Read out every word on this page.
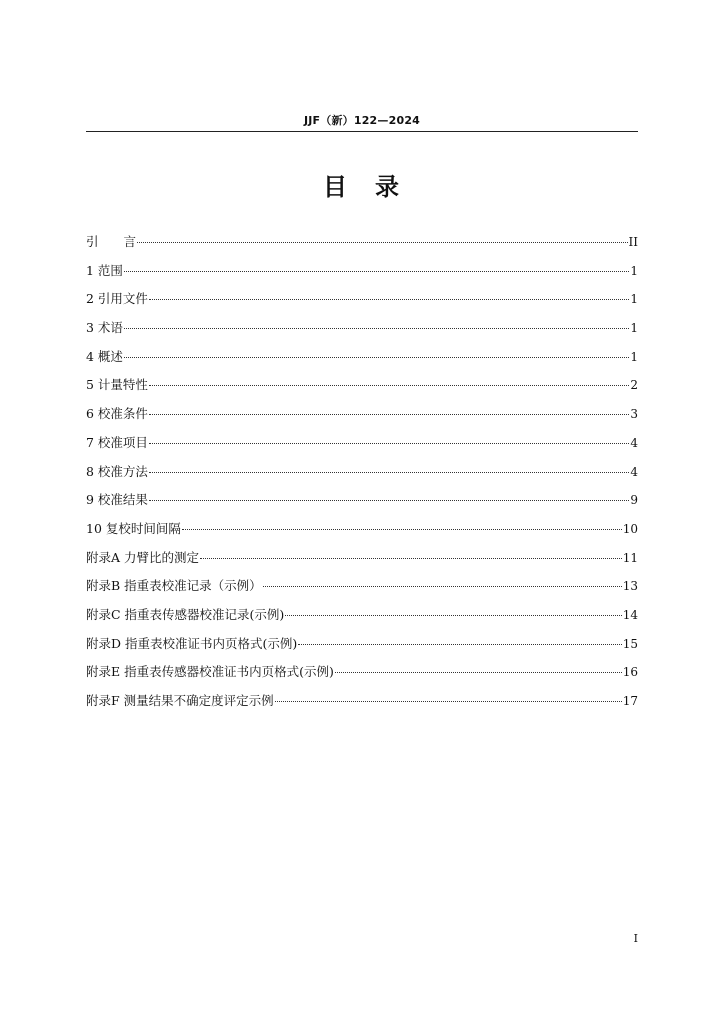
JJF（新）122—2024
目　录
引　　言	II
1 范围	1
2 引用文件	1
3 术语	1
4 概述	1
5 计量特性	2
6 校准条件	3
7 校准项目	4
8 校准方法	4
9 校准结果	9
10 复校时间间隔	10
附录A 力臂比的测定	11
附录B 指重表校准记录（示例）	13
附录C 指重表传感器校准记录(示例)	14
附录D 指重表校准证书内页格式(示例)	15
附录E 指重表传感器校准证书内页格式(示例)	16
附录F 测量结果不确定度评定示例	17
I
